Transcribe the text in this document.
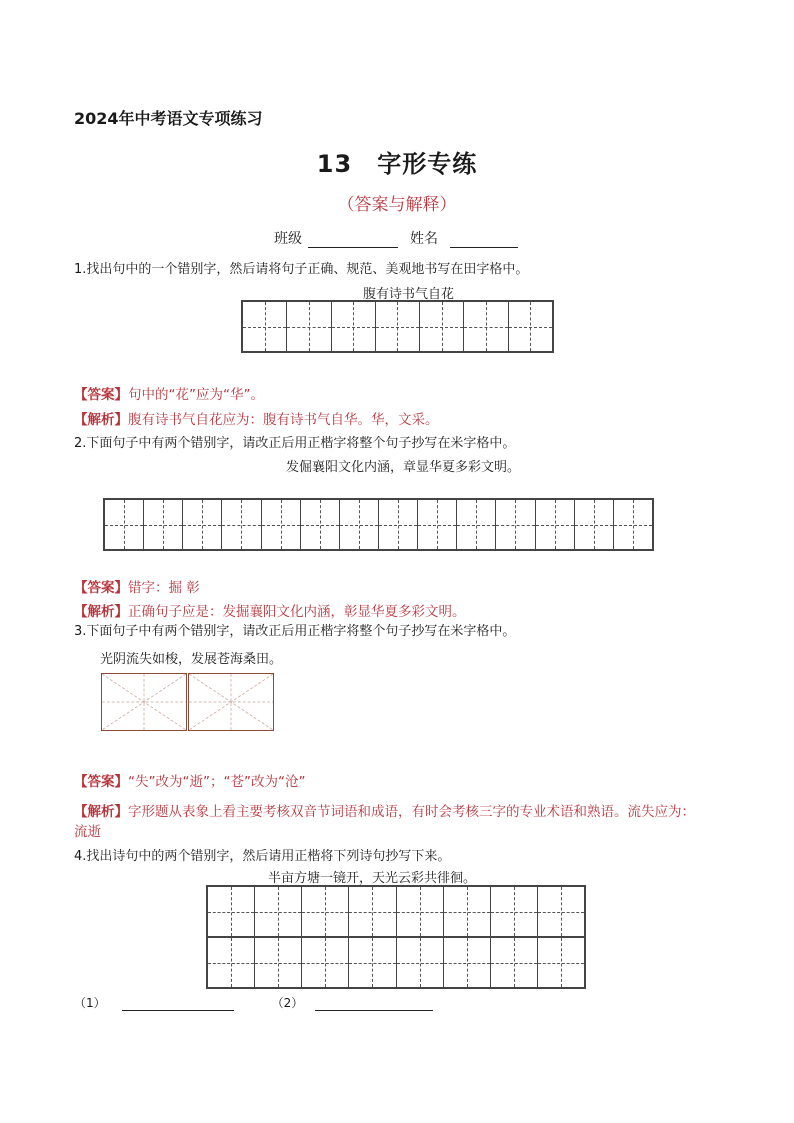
2024年中考语文专项练习
13　字形专练
（答案与解释）
班级	姓名
1.找出句中的一个错别字，然后请将句子正确、规范、美观地书写在田字格中。
腹有诗书气自花
【答案】句中的“花”应为“华”。
【解析】腹有诗书气自花应为：腹有诗书气自华。华，文采。
2.下面句子中有两个错别字，请改正后用正楷字将整个句子抄写在米字格中。
发倔襄阳文化内涵，章显华夏多彩文明。
【答案】错字：掘 彰
【解析】正确句子应是：发掘襄阳文化内涵，彰显华夏多彩文明。
3.下面句子中有两个错别字，请改正后用正楷字将整个句子抄写在米字格中。
光阴流失如梭，发展苍海桑田。
【答案】“失”改为“逝”；“苍”改为“沧”
【解析】字形题从表象上看主要考核双音节词语和成语，有时会考核三字的专业术语和熟语。流失应为：
流逝
4.找出诗句中的两个错别字，然后请用正楷将下列诗句抄写下来。
半亩方塘一镜开，天光云彩共徘徊。
（1）	（2）
